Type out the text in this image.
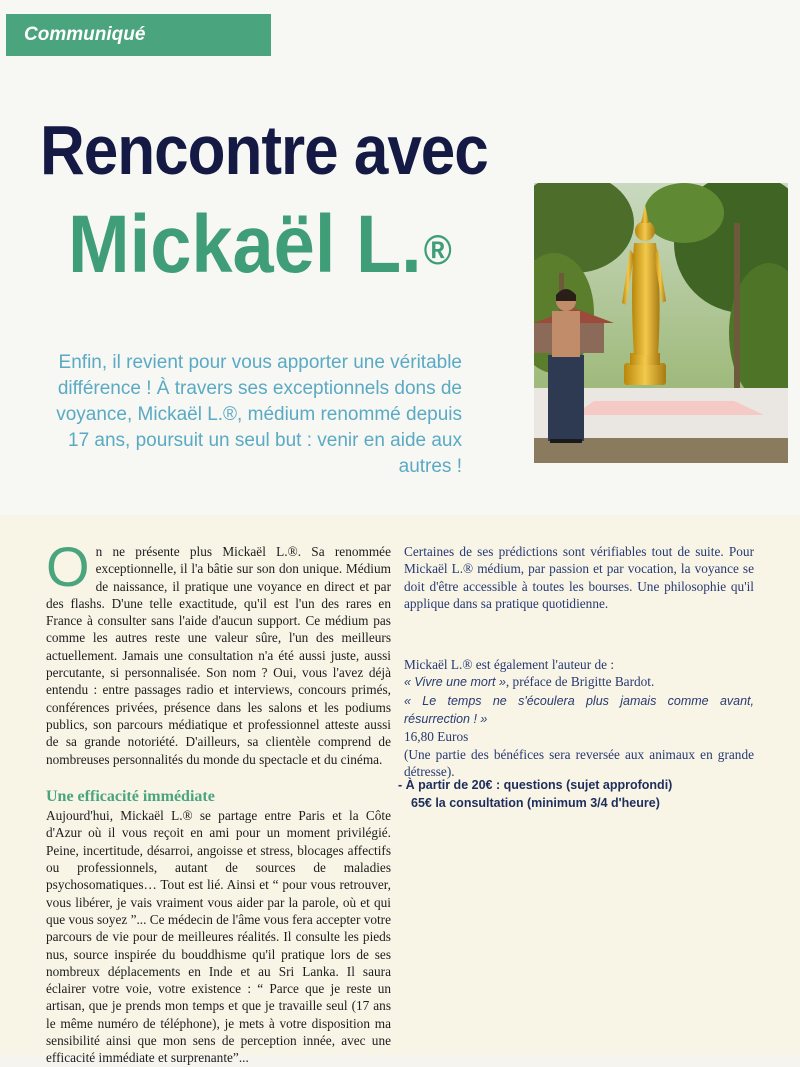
Communiqué
Rencontre avec
Mickaël L.®

Enfin, il revient pour vous apporter une véritable différence ! À travers ses exceptionnels dons de voyance, Mickaël L.®, médium renommé depuis 17 ans, poursuit un seul but : venir en aide aux autres !

On ne présente plus Mickaël L.®. Sa renommée exceptionnelle, il l'a bâtie sur son don unique. Médium de naissance, il pratique une voyance en direct et par des flashs. D'une telle exactitude, qu'il est l'un des rares en France à consulter sans l'aide d'aucun support. Ce médium pas comme les autres reste une valeur sûre, l'un des meilleurs actuellement. Jamais une consultation n'a été aussi juste, aussi percutante, si personnalisée. Son nom ? Oui, vous l'avez déjà entendu : entre passages radio et interviews, concours primés, conférences privées, présence dans les salons et les podiums publics, son parcours médiatique et professionnel atteste aussi de sa grande notoriété. D'ailleurs, sa clientèle comprend de nombreuses personnalités du monde du spectacle et du cinéma.

Une efficacité immédiate

Aujourd'hui, Mickaël L.® se partage entre Paris et la Côte d'Azur où il vous reçoit en ami pour un moment privilégié. Peine, incertitude, désarroi, angoisse et stress, blocages affectifs ou professionnels, autant de sources de maladies psychosomatiques… Tout est lié. Ainsi et “ pour vous retrouver, vous libérer, je vais vraiment vous aider par la parole, où et qui que vous soyez ”... Ce médecin de l'âme vous fera accepter votre parcours de vie pour de meilleures réalités. Il consulte les pieds nus, source inspirée du bouddhisme qu'il pratique lors de ses nombreux déplacements en Inde et au Sri Lanka. Il saura éclairer votre voie, votre existence : “ Parce que je reste un artisan, que je prends mon temps et que je travaille seul (17 ans le même numéro de téléphone), je mets à votre disposition ma sensibilité ainsi que mon sens de perception innée, avec une efficacité immédiate et surprenante”...

Certaines de ses prédictions sont vérifiables tout de suite. Pour Mickaël L.® médium, par passion et par vocation, la voyance se doit d'être accessible à toutes les bourses. Une philosophie qu'il applique dans sa pratique quotidienne.

Mickaël L.® est également l'auteur de :

« Vivre une mort », préface de Brigitte Bardot.

« Le temps ne s'écoulera plus jamais comme avant, résurrection ! »

16,80 Euros

(Une partie des bénéfices sera reversée aux animaux en grande détresse).

- À partir de 20€ : questions (sujet approfondi)
65€ la consultation (minimum 3/4 d'heure)
